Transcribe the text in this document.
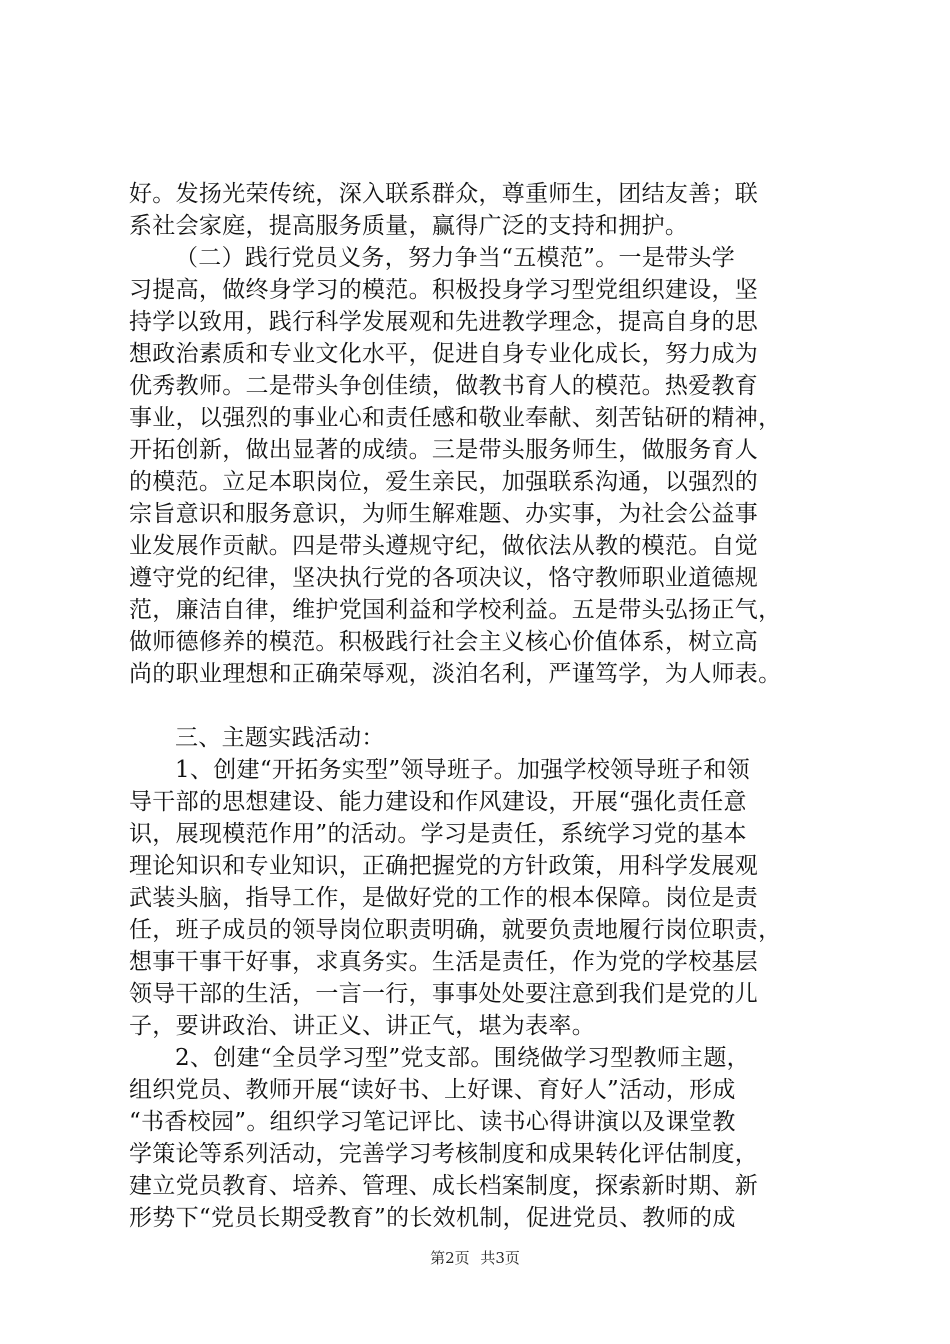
好。发扬光荣传统，深入联系群众，尊重师生，团结友善；联
系社会家庭，提高服务质量，赢得广泛的支持和拥护。
（二）践行党员义务，努力争当“五模范”。一是带头学
习提高，做终身学习的模范。积极投身学习型党组织建设，坚
持学以致用，践行科学发展观和先进教学理念，提高自身的思
想政治素质和专业文化水平，促进自身专业化成长，努力成为
优秀教师。二是带头争创佳绩，做教书育人的模范。热爱教育
事业，以强烈的事业心和责任感和敬业奉献、刻苦钻研的精神，
开拓创新，做出显著的成绩。三是带头服务师生，做服务育人
的模范。立足本职岗位，爱生亲民，加强联系沟通，以强烈的
宗旨意识和服务意识，为师生解难题、办实事，为社会公益事
业发展作贡献。四是带头遵规守纪，做依法从教的模范。自觉
遵守党的纪律，坚决执行党的各项决议，恪守教师职业道德规
范，廉洁自律，维护党国利益和学校利益。五是带头弘扬正气，
做师德修养的模范。积极践行社会主义核心价值体系，树立高
尚的职业理想和正确荣辱观，淡泊名利，严谨笃学，为人师表。
三、主题实践活动：
1、创建“开拓务实型”领导班子。加强学校领导班子和领
导干部的思想建设、能力建设和作风建设，开展“强化责任意
识，展现模范作用”的活动。学习是责任，系统学习党的基本
理论知识和专业知识，正确把握党的方针政策，用科学发展观
武装头脑，指导工作，是做好党的工作的根本保障。岗位是责
任，班子成员的领导岗位职责明确，就要负责地履行岗位职责，
想事干事干好事，求真务实。生活是责任，作为党的学校基层
领导干部的生活，一言一行，事事处处要注意到我们是党的儿
子，要讲政治、讲正义、讲正气，堪为表率。
2、创建“全员学习型”党支部。围绕做学习型教师主题，
组织党员、教师开展“读好书、上好课、育好人”活动，形成
“书香校园”。组织学习笔记评比、读书心得讲演以及课堂教
学策论等系列活动，完善学习考核制度和成果转化评估制度，
建立党员教育、培养、管理、成长档案制度，探索新时期、新
形势下“党员长期受教育”的长效机制，促进党员、教师的成
第2页 共3页
